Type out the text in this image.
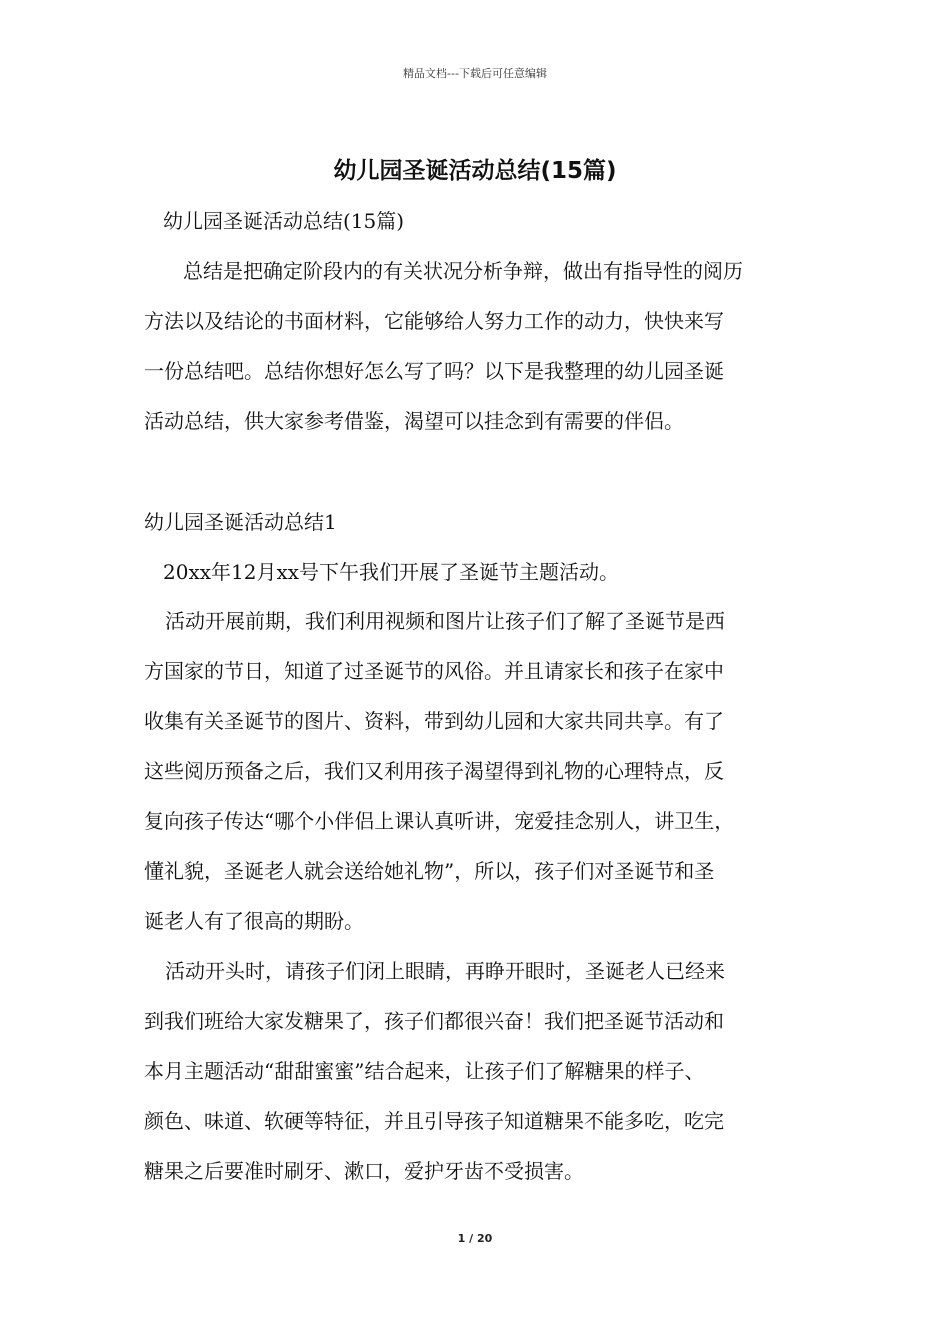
精品文档---下载后可任意编辑
幼儿园圣诞活动总结(15篇)
幼儿园圣诞活动总结(15篇)
总结是把确定阶段内的有关状况分析争辩，做出有指导性的阅历
方法以及结论的书面材料，它能够给人努力工作的动力，快快来写
一份总结吧。总结你想好怎么写了吗？以下是我整理的幼儿园圣诞
活动总结，供大家参考借鉴，渴望可以挂念到有需要的伴侣。
幼儿园圣诞活动总结1
20xx年12月xx号下午我们开展了圣诞节主题活动。
活动开展前期，我们利用视频和图片让孩子们了解了圣诞节是西
方国家的节日，知道了过圣诞节的风俗。并且请家长和孩子在家中
收集有关圣诞节的图片、资料，带到幼儿园和大家共同共享。有了
这些阅历预备之后，我们又利用孩子渴望得到礼物的心理特点，反
复向孩子传达“哪个小伴侣上课认真听讲，宠爱挂念别人，讲卫生，
懂礼貌，圣诞老人就会送给她礼物”，所以，孩子们对圣诞节和圣
诞老人有了很高的期盼。
活动开头时，请孩子们闭上眼睛，再睁开眼时，圣诞老人已经来
到我们班给大家发糖果了，孩子们都很兴奋！我们把圣诞节活动和
本月主题活动“甜甜蜜蜜”结合起来，让孩子们了解糖果的样子、
颜色、味道、软硬等特征，并且引导孩子知道糖果不能多吃，吃完
糖果之后要准时刷牙、漱口，爱护牙齿不受损害。
1 / 20
